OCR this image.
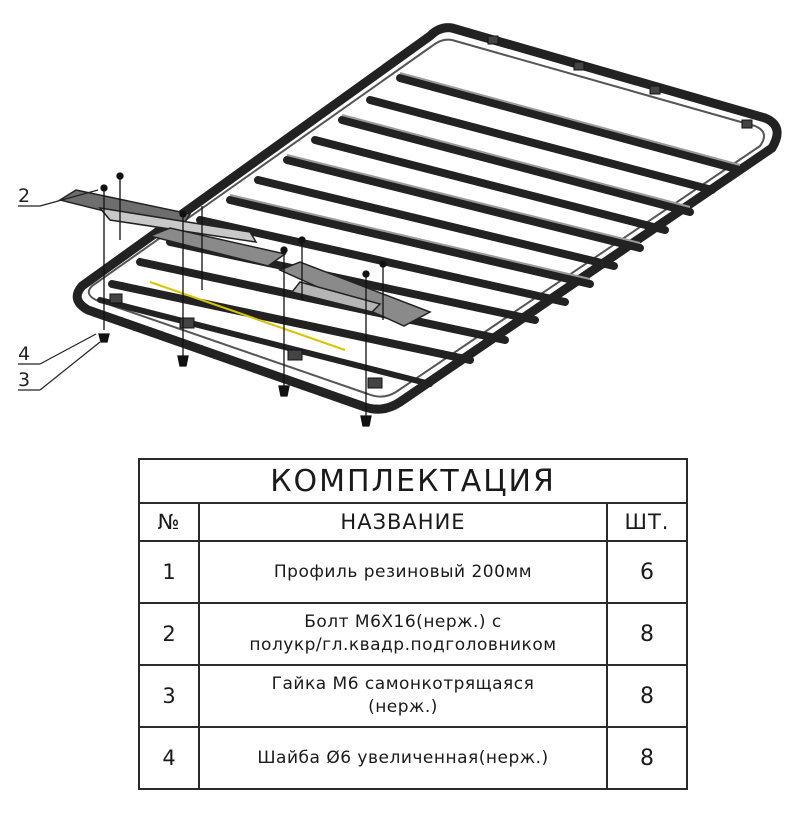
2
4
3
КОМПЛЕКТАЦИЯ		
№	НАЗВАНИЕ	ШТ.
1	Профиль резиновый 200мм	6
2	Болт М6Х16(нерж.) с
полукр/гл.квадр.подголовником	8
3	Гайка М6 самонкотрящаяся
(нерж.)	8
4	Шайба Ø6 увеличенная(нерж.)	8
